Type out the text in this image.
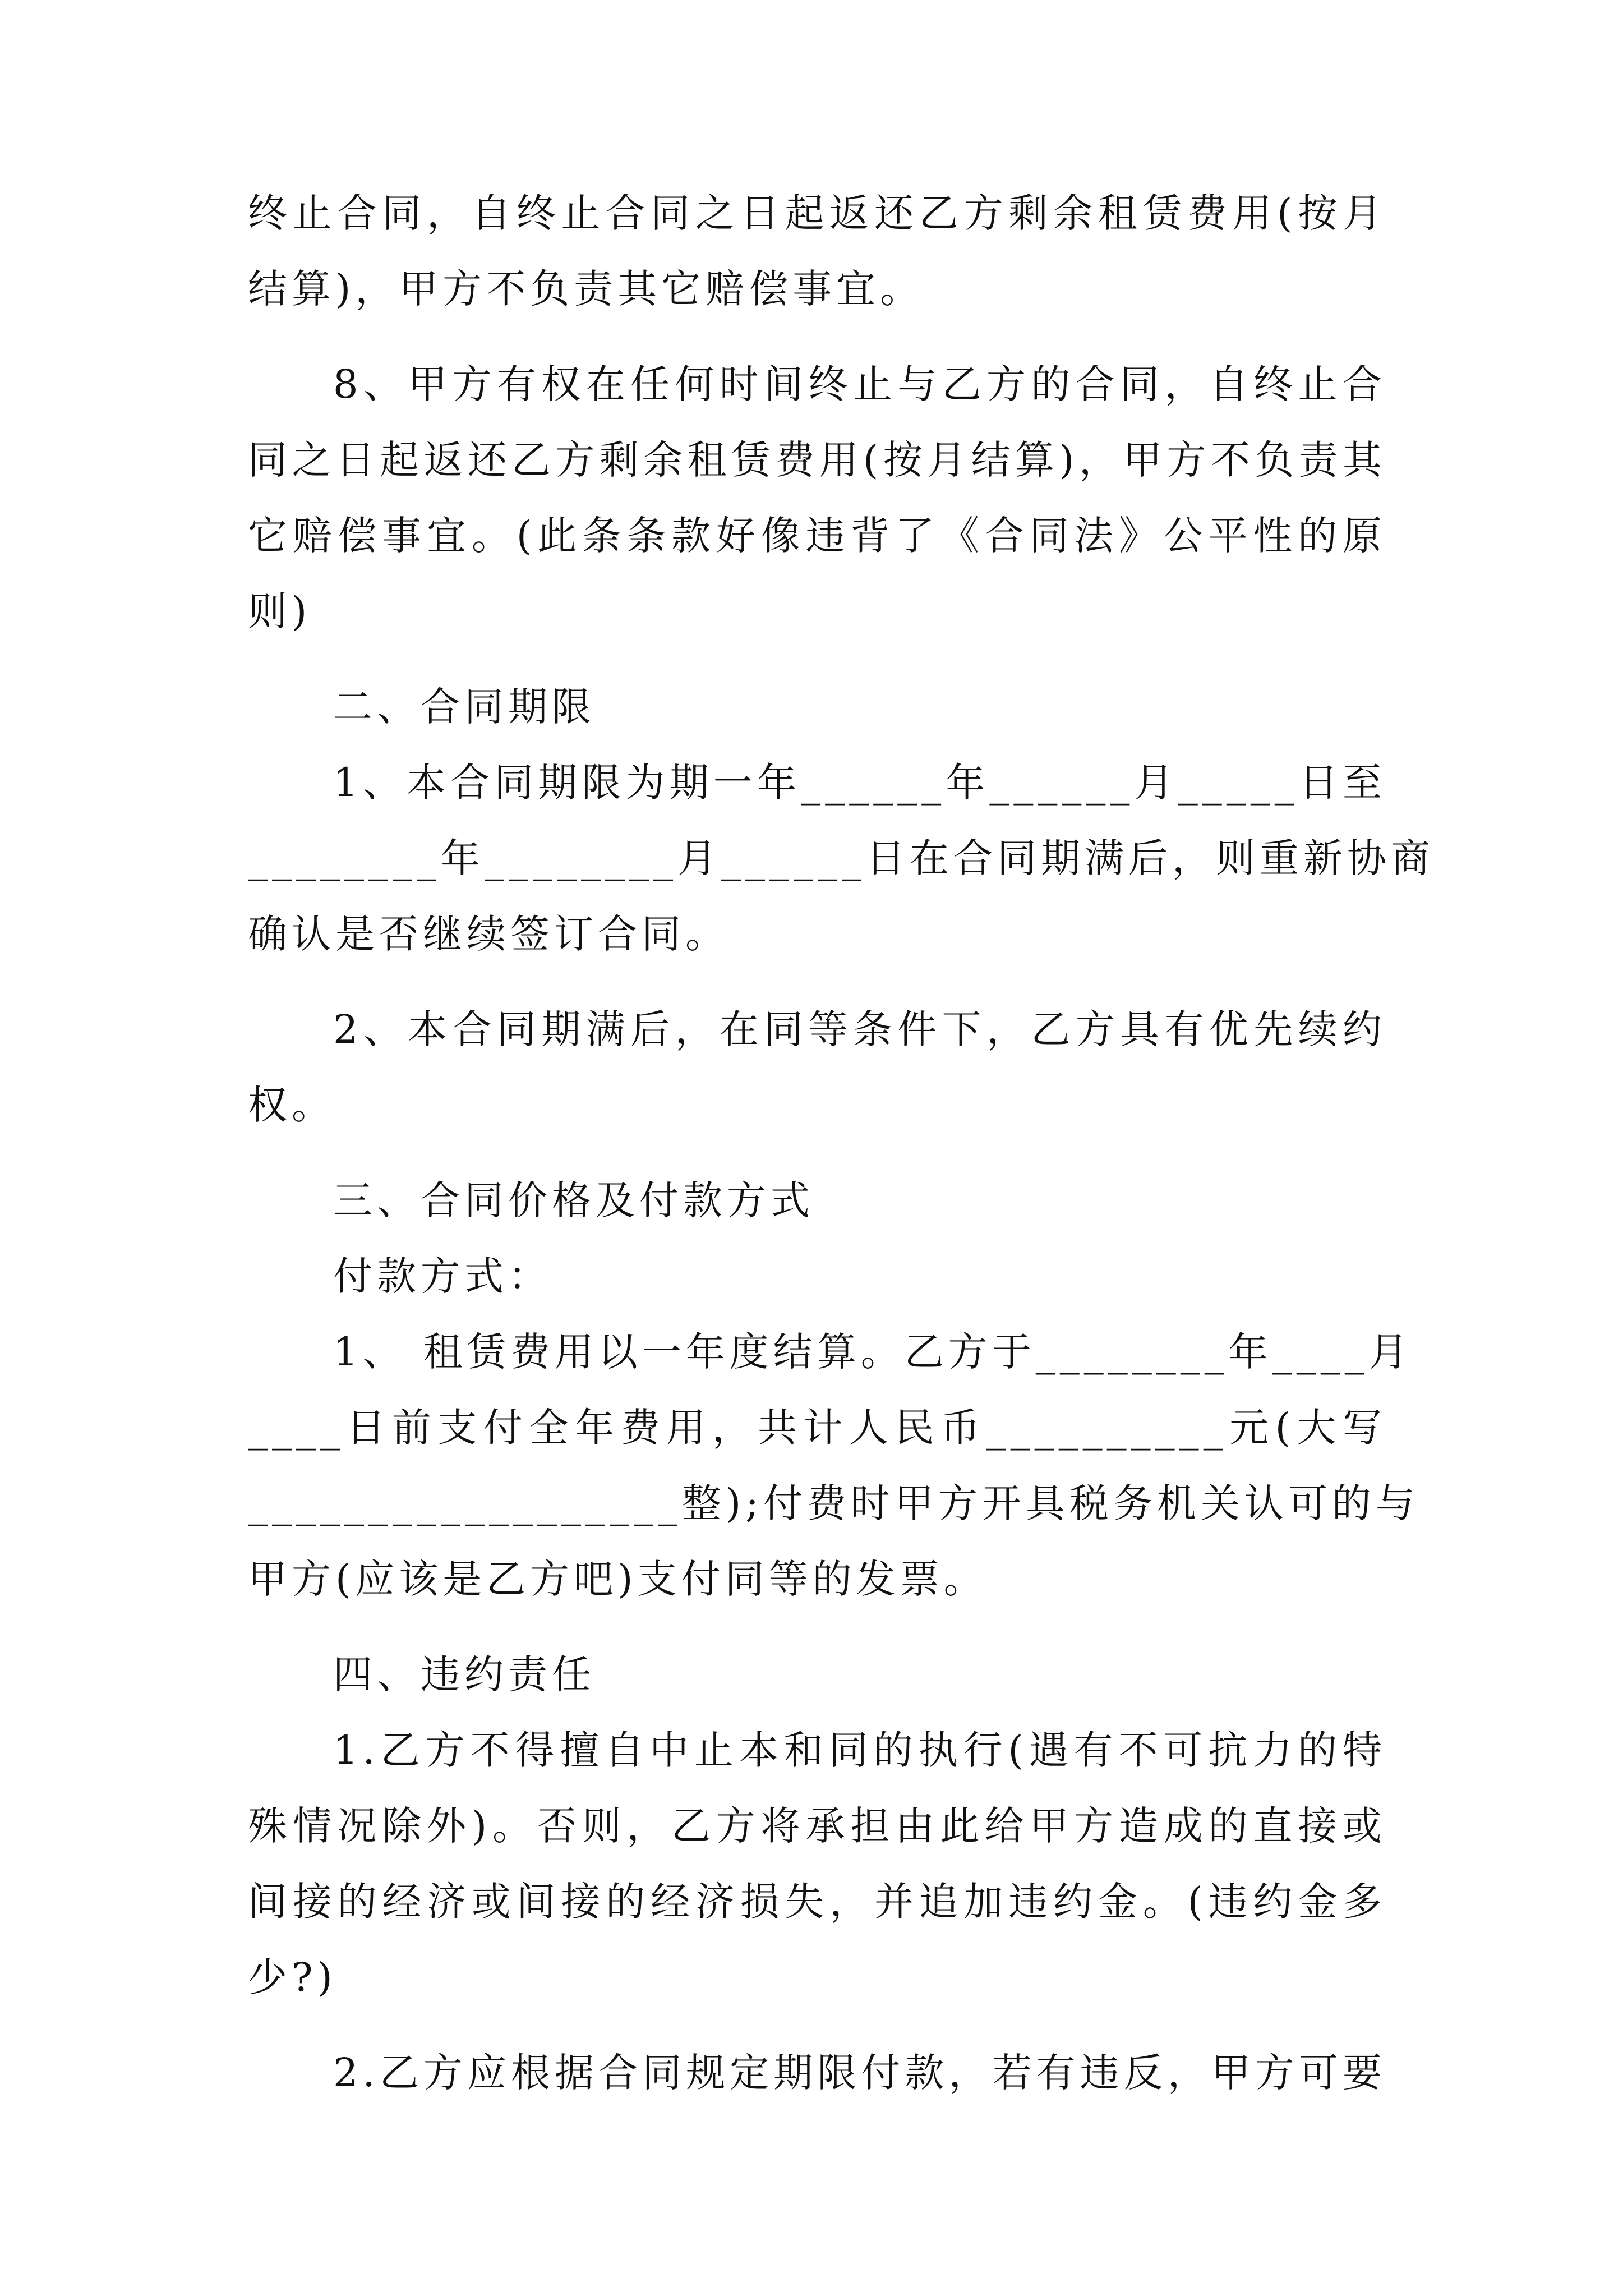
终止合同，自终止合同之日起返还乙方剩余租赁费用(按月
结算)，甲方不负责其它赔偿事宜。
8、甲方有权在任何时间终止与乙方的合同，自终止合
同之日起返还乙方剩余租赁费用(按月结算)，甲方不负责其
它赔偿事宜。(此条条款好像违背了《合同法》公平性的原
则)
二、合同期限
1、本合同期限为期一年______年______月_____日至
________年________月______日在合同期满后，则重新协商
确认是否继续签订合同。
2、本合同期满后，在同等条件下，乙方具有优先续约
权。
三、合同价格及付款方式
付款方式：
1、 租赁费用以一年度结算。乙方于________年____月
____日前支付全年费用，共计人民币__________元(大写
__________________整);付费时甲方开具税务机关认可的与
甲方(应该是乙方吧)支付同等的发票。
四、违约责任
1.乙方不得擅自中止本和同的执行(遇有不可抗力的特
殊情况除外)。否则，乙方将承担由此给甲方造成的直接或
间接的经济或间接的经济损失，并追加违约金。(违约金多
少?)
2.乙方应根据合同规定期限付款，若有违反，甲方可要
